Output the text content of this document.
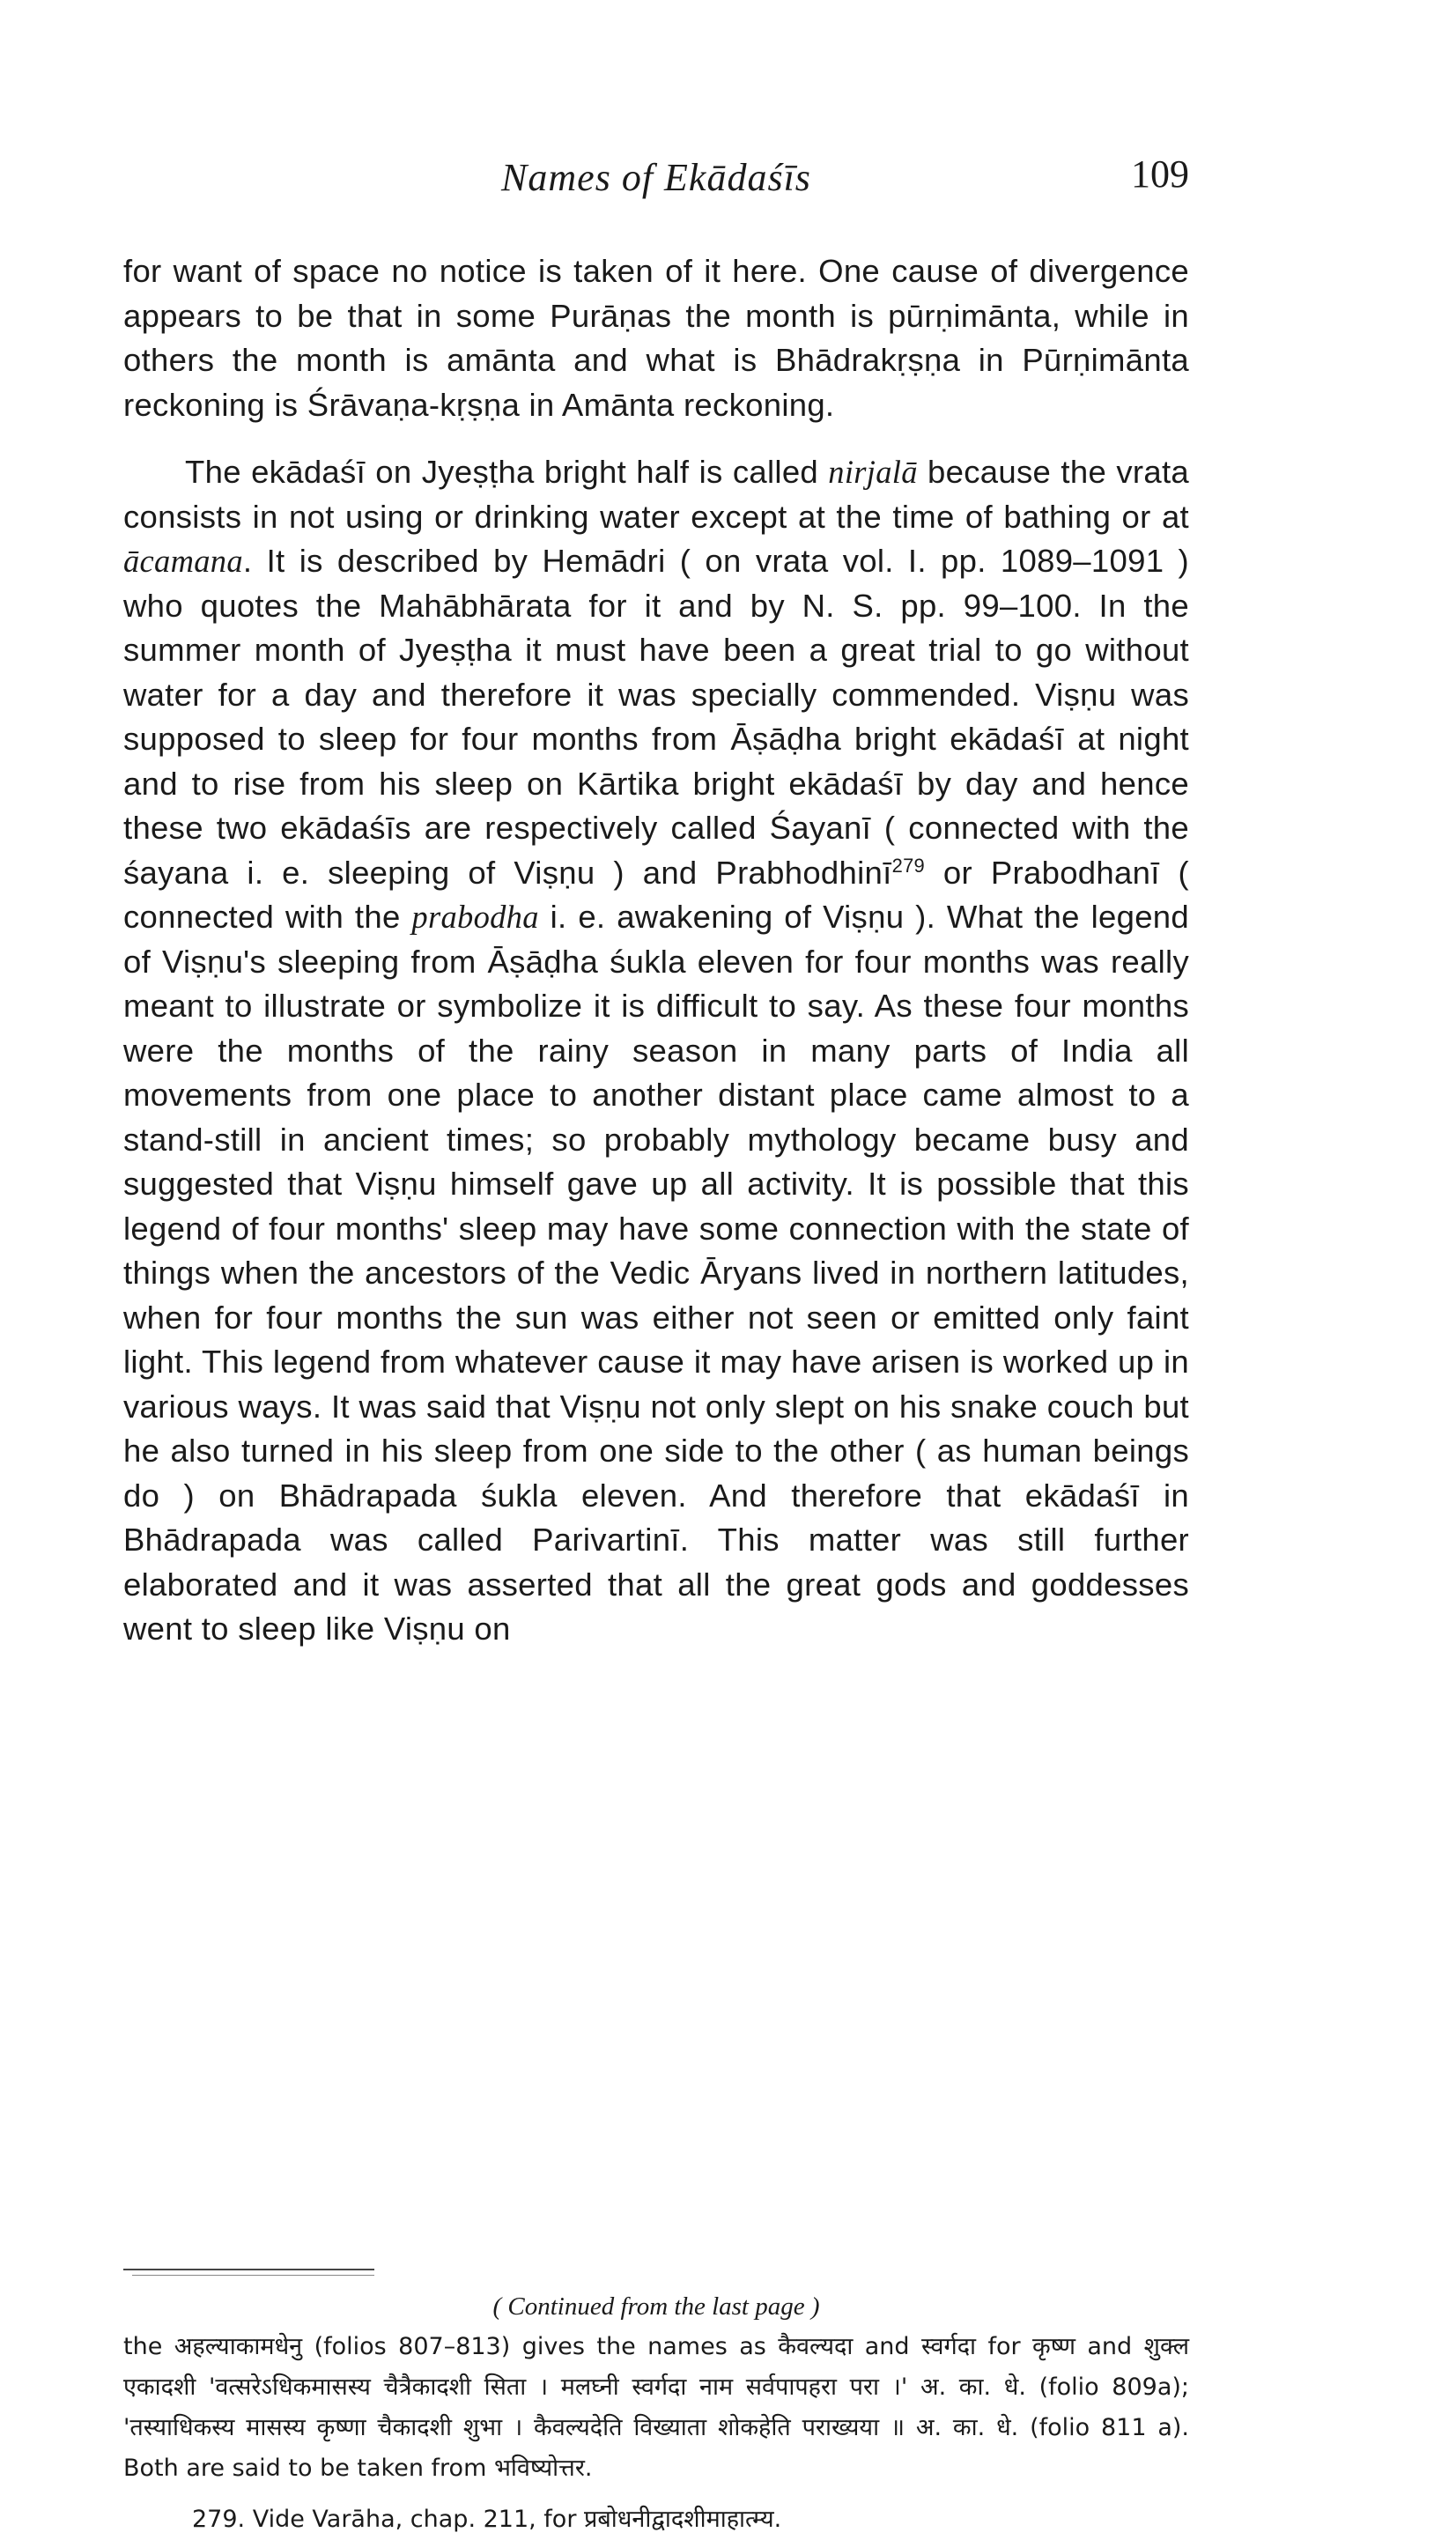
Names of Ekādaśīs	109

for want of space no notice is taken of it here. One cause of divergence appears to be that in some Purāṇas the month is pūrṇimānta, while in others the month is amānta and what is Bhādrakṛṣṇa in Pūrṇimānta reckoning is Śrāvaṇa-kṛṣṇa in Amānta reckoning.

The ekādaśī on Jyeṣṭha bright half is called nirjalā because the vrata consists in not using or drinking water except at the time of bathing or at ācamana. It is described by Hemādri ( on vrata vol. I. pp. 1089–1091 ) who quotes the Mahābhārata for it and by N. S. pp. 99–100. In the summer month of Jyeṣṭha it must have been a great trial to go without water for a day and therefore it was specially commended. Viṣṇu was supposed to sleep for four months from Āṣāḍha bright ekādaśī at night and to rise from his sleep on Kārtika bright ekādaśī by day and hence these two ekādaśīs are respectively called Śayanī ( connected with the śayana i. e. sleeping of Viṣṇu ) and Prabhodhinī$^{279}$ or Prabodhanī ( connected with the prabodha i. e. awakening of Viṣṇu ). What the legend of Viṣṇu's sleeping from Āṣāḍha śukla eleven for four months was really meant to illustrate or symbolize it is difficult to say. As these four months were the months of the rainy season in many parts of India all movements from one place to another distant place came almost to a stand-still in ancient times; so probably mythology became busy and suggested that Viṣṇu himself gave up all activity. It is possible that this legend of four months' sleep may have some connection with the state of things when the ancestors of the Vedic Āryans lived in northern latitudes, when for four months the sun was either not seen or emitted only faint light. This legend from whatever cause it may have arisen is worked up in various ways. It was said that Viṣṇu not only slept on his snake couch but he also turned in his sleep from one side to the other ( as human beings do ) on Bhādrapada śukla eleven. And therefore that ekādaśī in Bhādrapada was called Parivartinī. This matter was still further elaborated and it was asserted that all the great gods and goddesses went to sleep like Viṣṇu on

( Continued from the last page )

the अहल्याकामधेनु (folios 807–813) gives the names as कैवल्यदा and स्वर्गदा for कृष्ण and शुक्ल एकादशी 'वत्सरेऽधिकमासस्य चैत्रैकादशी सिता । मलघ्नी स्वर्गदा नाम सर्वपापहरा परा ।' अ. का. धे. (folio 809a); 'तस्याधिकस्य मासस्य कृष्णा चैकादशी शुभा । कैवल्यदेति विख्याता शोकहेति पराख्यया ॥ अ. का. धे. (folio 811 a). Both are said to be taken from भविष्योत्तर.

279. Vide Varāha, chap. 211, for प्रबोधनीद्वादशीमाहात्म्य.
